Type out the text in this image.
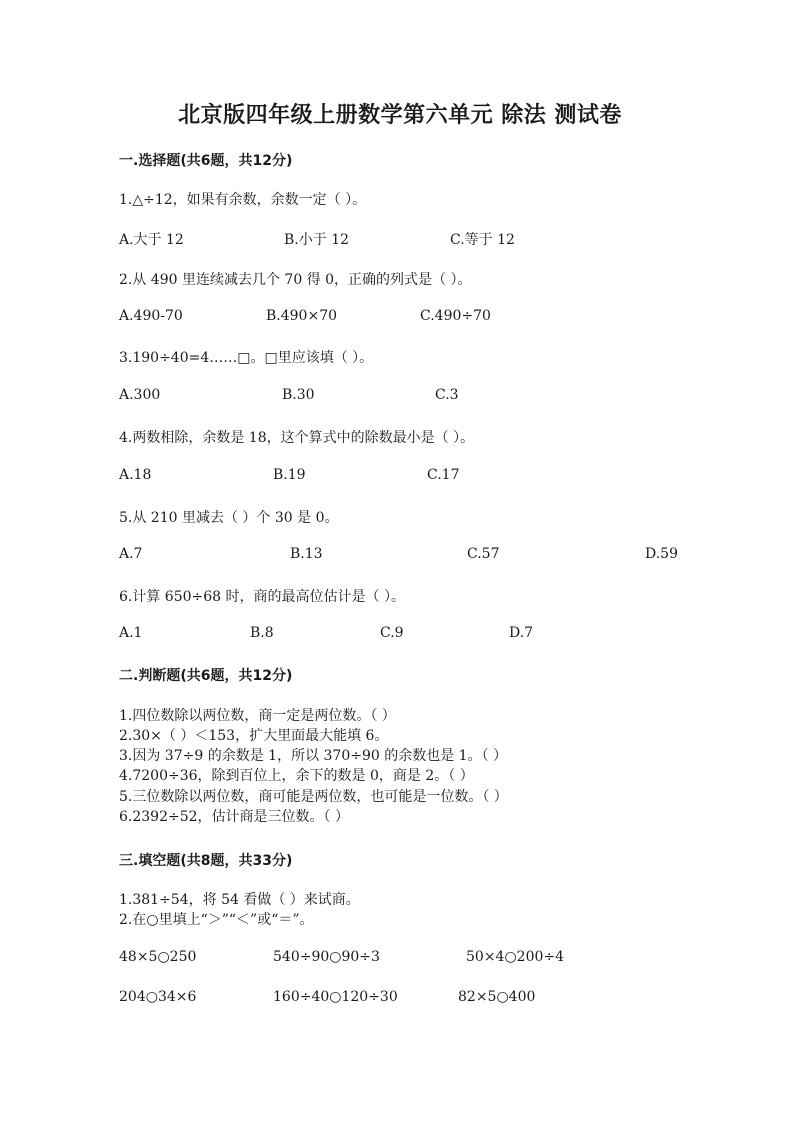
北京版四年级上册数学第六单元 除法 测试卷
一.选择题(共6题，共12分)
1.△÷12，如果有余数，余数一定（ ）。
A.大于 12	B.小于 12	C.等于 12
2.从 490 里连续减去几个 70 得 0，正确的列式是（ ）。
A.490-70	B.490×70	C.490÷70
3.190÷40=4……□。□里应该填（ ）。
A.300	B.30	C.3
4.两数相除，余数是 18，这个算式中的除数最小是（ ）。
A.18	B.19	C.17
5.从 210 里减去（ ）个 30 是 0。
A.7	B.13	C.57	D.59
6.计算 650÷68 时，商的最高位估计是（ ）。
A.1	B.8	C.9	D.7
二.判断题(共6题，共12分)
1.四位数除以两位数，商一定是两位数。（ ）
2.30×（ ）＜153，扩大里面最大能填 6。
3.因为 37÷9 的余数是 1，所以 370÷90 的余数也是 1。（ ）
4.7200÷36，除到百位上，余下的数是 0，商是 2。（ ）
5.三位数除以两位数，商可能是两位数，也可能是一位数。（ ）
6.2392÷52，估计商是三位数。（ ）
三.填空题(共8题，共33分)
1.381÷54，将 54 看做（ ）来试商。
2.在○里填上“＞”“＜”或“＝”。
48×5○250	540÷90○90÷3	50×4○200÷4
204○34×6	160÷40○120÷30	82×5○400
